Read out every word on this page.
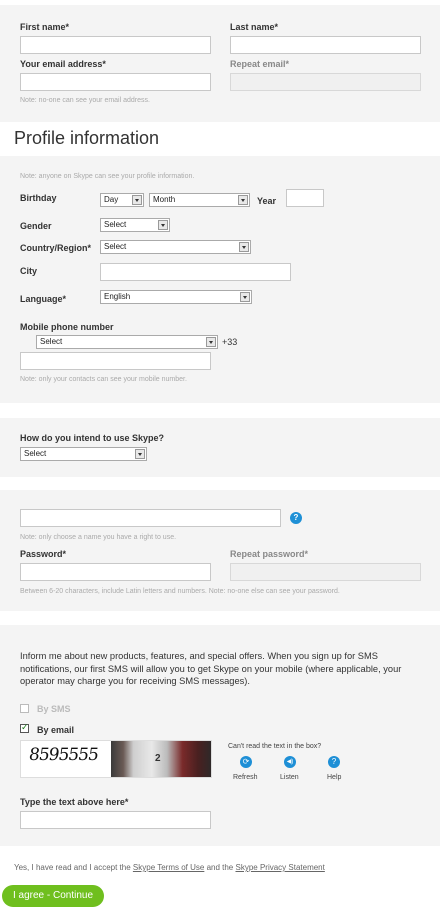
First name*	Last name*
Your email address*	Repeat email*
Note: no-one can see your email address.
Profile information
Note: anyone on Skype can see your profile information.
Birthday	Day	Month	Year
Gender	Select
Country/Region*	Select
City
Language*	English
Mobile phone number
Select	+33
Note: only your contacts can see your mobile number.
How do you intend to use Skype?
Select
?
Note: only choose a name you have a right to use.
Password*	Repeat password*
Between 6-20 characters, include Latin letters and numbers. Note: no-one else can see your password.
Inform me about new products, features, and special offers. When you sign up for SMS notifications, our first SMS will allow you to get Skype on your mobile (where applicable, your operator may charge you for receiving SMS messages).
By SMS
✓
By email
8595555	2
Can't read the text in the box?
⟳
Refresh
◀)
Listen
?
Help
Type the text above here*
Yes, I have read and I accept the Skype Terms of Use and the Skype Privacy Statement
I agree - Continue
